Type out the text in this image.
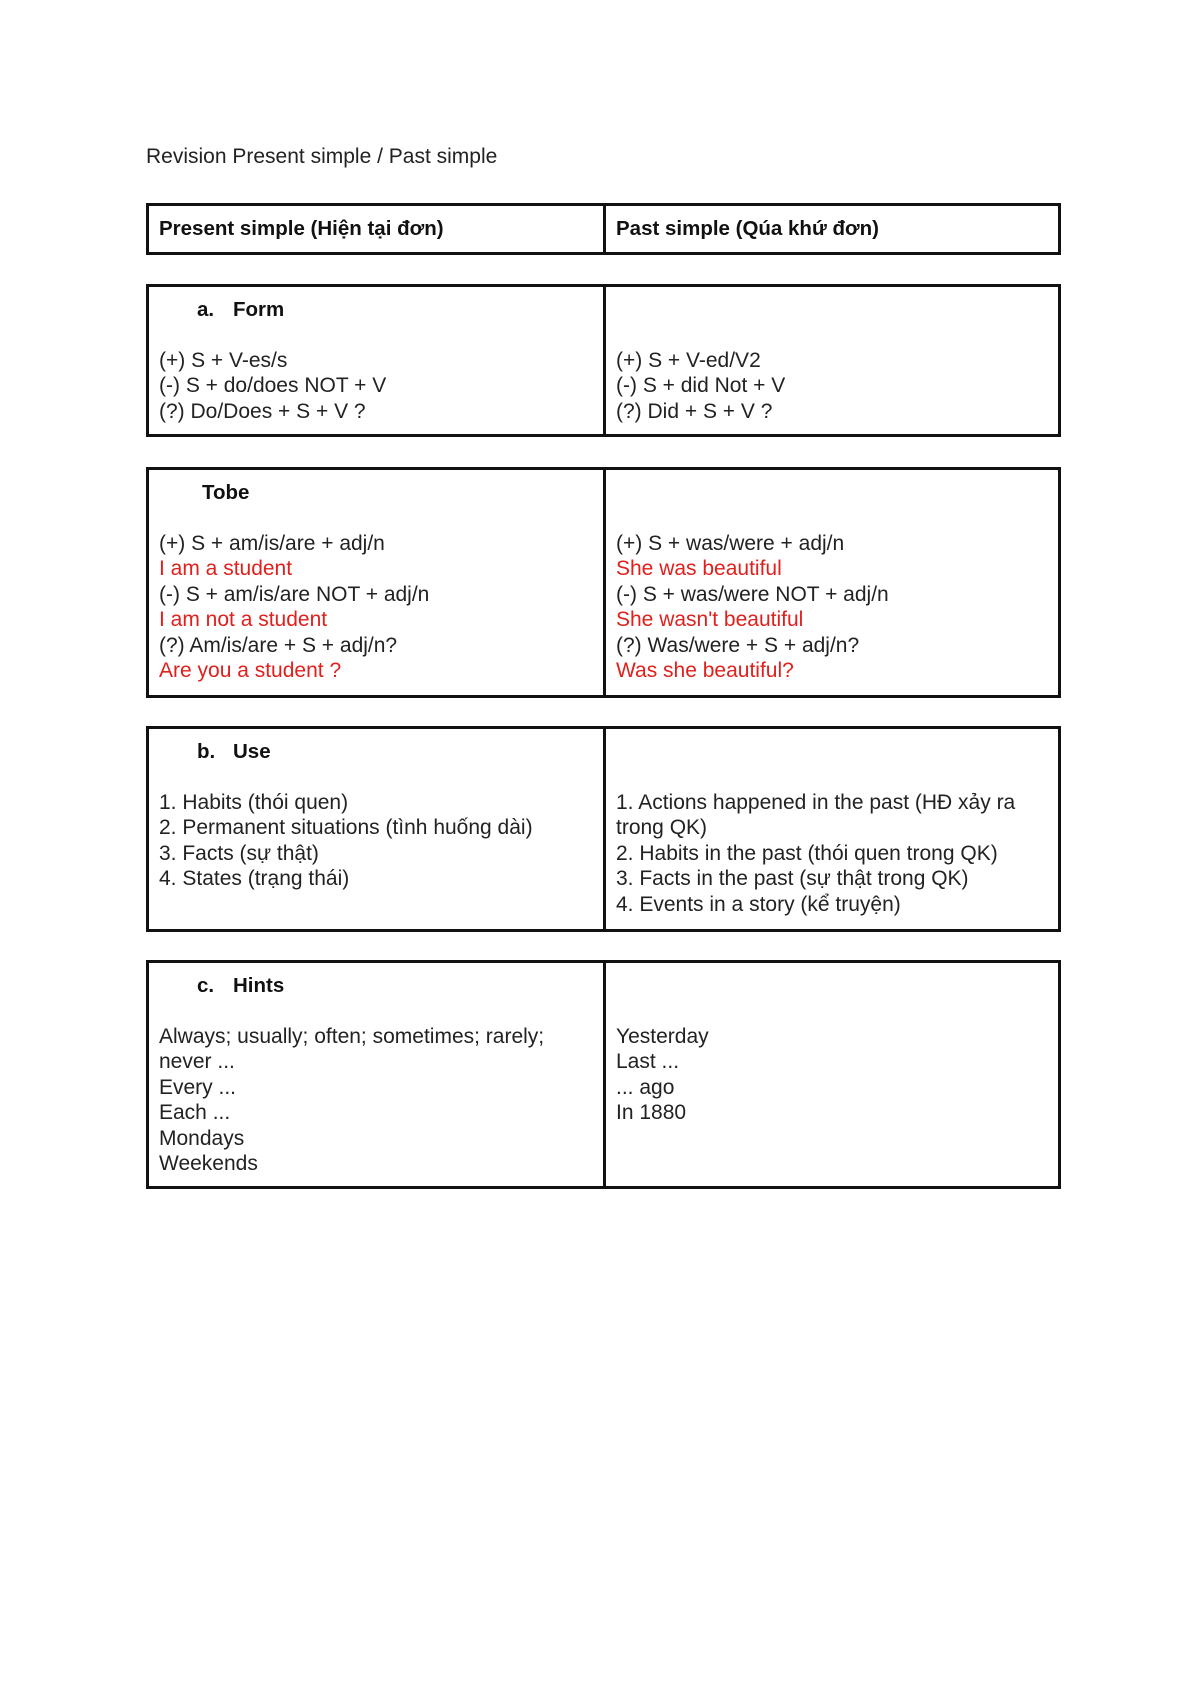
Revision Present simple / Past simple
Present simple (Hiện tại đơn)	Past simple (Qúa khứ đơn)
a. Form
(+) S + V-es/s
(-) S + do/does NOT + V
(?) Do/Does + S + V ?
(+) S + V-ed/V2
(-) S + did Not + V
(?) Did + S + V ?
Tobe
(+) S + am/is/are + adj/n
I am a student
(-) S + am/is/are NOT + adj/n
I am not a student
(?) Am/is/are + S + adj/n?
Are you a student ?
(+) S + was/were + adj/n
She was beautiful
(-) S + was/were NOT + adj/n
She wasn't beautiful
(?) Was/were + S + adj/n?
Was she beautiful?
b. Use
1. Habits (thói quen)
2. Permanent situations (tình huống dài)
3. Facts (sự thật)
4. States (trạng thái)
1. Actions happened in the past (HĐ xảy ra trong QK)
2. Habits in the past (thói quen trong QK)
3. Facts in the past (sự thật trong QK)
4. Events in a story (kể truyện)
c. Hints
Always; usually; often; sometimes; rarely; never ...
Every ...
Each ...
Mondays
Weekends
Yesterday
Last ...
... ago
In 1880
